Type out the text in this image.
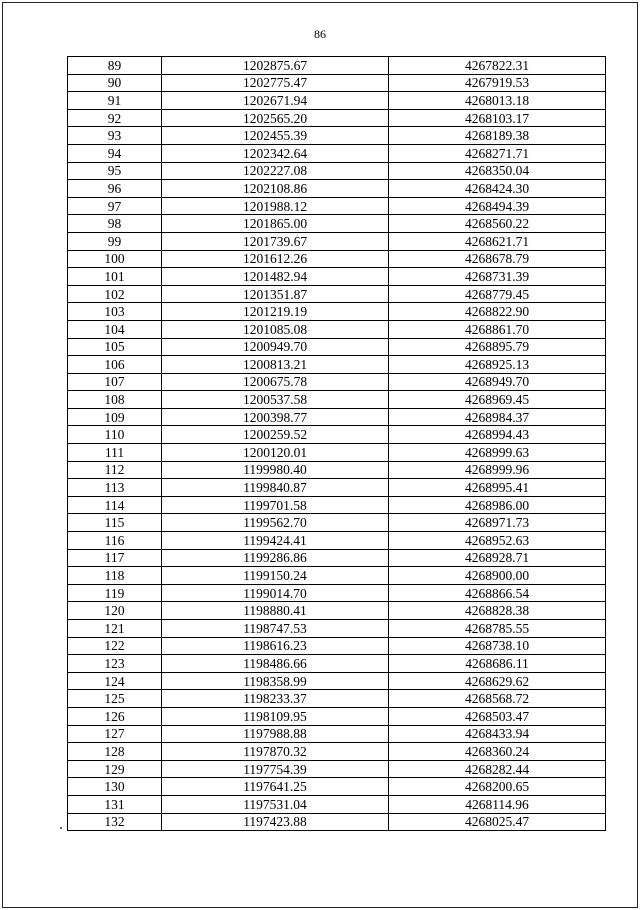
86
89	1202875.67	4267822.31
90	1202775.47	4267919.53
91	1202671.94	4268013.18
92	1202565.20	4268103.17
93	1202455.39	4268189.38
94	1202342.64	4268271.71
95	1202227.08	4268350.04
96	1202108.86	4268424.30
97	1201988.12	4268494.39
98	1201865.00	4268560.22
99	1201739.67	4268621.71
100	1201612.26	4268678.79
101	1201482.94	4268731.39
102	1201351.87	4268779.45
103	1201219.19	4268822.90
104	1201085.08	4268861.70
105	1200949.70	4268895.79
106	1200813.21	4268925.13
107	1200675.78	4268949.70
108	1200537.58	4268969.45
109	1200398.77	4268984.37
110	1200259.52	4268994.43
111	1200120.01	4268999.63
112	1199980.40	4268999.96
113	1199840.87	4268995.41
114	1199701.58	4268986.00
115	1199562.70	4268971.73
116	1199424.41	4268952.63
117	1199286.86	4268928.71
118	1199150.24	4268900.00
119	1199014.70	4268866.54
120	1198880.41	4268828.38
121	1198747.53	4268785.55
122	1198616.23	4268738.10
123	1198486.66	4268686.11
124	1198358.99	4268629.62
125	1198233.37	4268568.72
126	1198109.95	4268503.47
127	1197988.88	4268433.94
128	1197870.32	4268360.24
129	1197754.39	4268282.44
130	1197641.25	4268200.65
131	1197531.04	4268114.96
132	1197423.88	4268025.47
